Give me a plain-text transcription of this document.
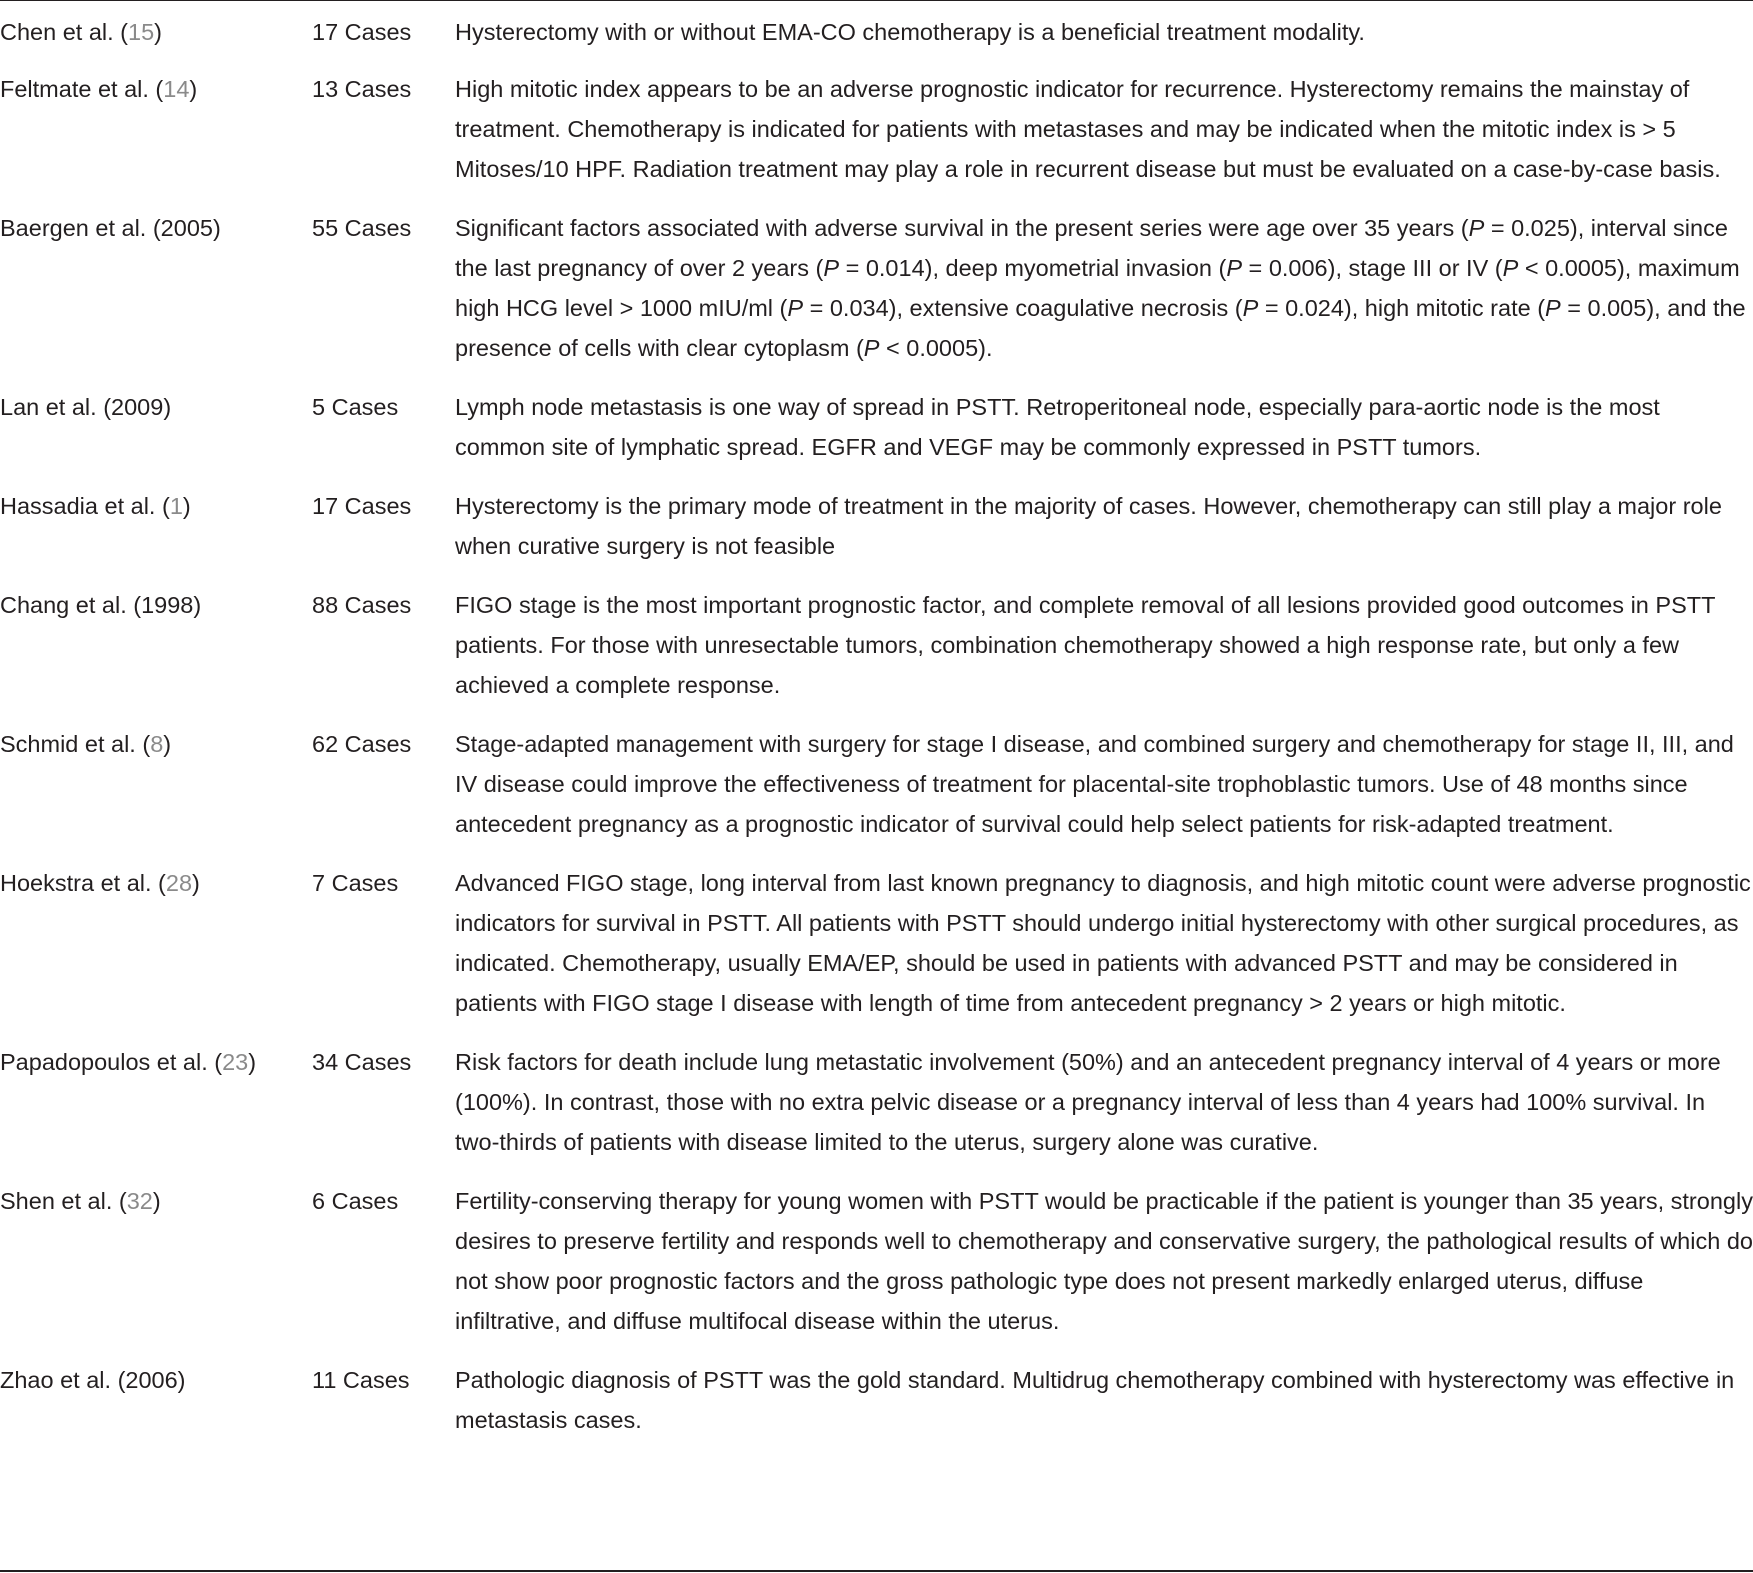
Chen et al. (15)	17 Cases	Hysterectomy with or without EMA-CO chemotherapy is a beneficial treatment modality.
Feltmate et al. (14)	13 Cases	High mitotic index appears to be an adverse prognostic indicator for recurrence. Hysterectomy remains the mainstay of treatment. Chemotherapy is indicated for patients with metastases and may be indicated when the mitotic index is > 5 Mitoses/10 HPF. Radiation treatment may play a role in recurrent disease but must be evaluated on a case-by-case basis.
Baergen et al. (2005)	55 Cases	Significant factors associated with adverse survival in the present series were age over 35 years (P = 0.025), interval since the last pregnancy of over 2 years (P = 0.014), deep myometrial invasion (P = 0.006), stage III or IV (P < 0.0005), maximum high HCG level > 1000 mIU/ml (P = 0.034), extensive coagulative necrosis (P = 0.024), high mitotic rate (P = 0.005), and the presence of cells with clear cytoplasm (P < 0.0005).
Lan et al. (2009)	5 Cases	Lymph node metastasis is one way of spread in PSTT. Retroperitoneal node, especially para-aortic node is the most common site of lymphatic spread. EGFR and VEGF may be commonly expressed in PSTT tumors.
Hassadia et al. (1)	17 Cases	Hysterectomy is the primary mode of treatment in the majority of cases. However, chemotherapy can still play a major role when curative surgery is not feasible
Chang et al. (1998)	88 Cases	FIGO stage is the most important prognostic factor, and complete removal of all lesions provided good outcomes in PSTT patients. For those with unresectable tumors, combination chemotherapy showed a high response rate, but only a few achieved a complete response.
Schmid et al. (8)	62 Cases	Stage-adapted management with surgery for stage I disease, and combined surgery and chemotherapy for stage II, III, and IV disease could improve the effectiveness of treatment for placental-site trophoblastic tumors. Use of 48 months since antecedent pregnancy as a prognostic indicator of survival could help select patients for risk-adapted treatment.
Hoekstra et al. (28)	7 Cases	Advanced FIGO stage, long interval from last known pregnancy to diagnosis, and high mitotic count were adverse prognostic indicators for survival in PSTT. All patients with PSTT should undergo initial hysterectomy with other surgical procedures, as indicated. Chemotherapy, usually EMA/EP, should be used in patients with advanced PSTT and may be considered in patients with FIGO stage I disease with length of time from antecedent pregnancy > 2 years or high mitotic.
Papadopoulos et al. (23)	34 Cases	Risk factors for death include lung metastatic involvement (50%) and an antecedent pregnancy interval of 4 years or more (100%). In contrast, those with no extra pelvic disease or a pregnancy interval of less than 4 years had 100% survival. In two-thirds of patients with disease limited to the uterus, surgery alone was curative.
Shen et al. (32)	6 Cases	Fertility-conserving therapy for young women with PSTT would be practicable if the patient is younger than 35 years, strongly desires to preserve fertility and responds well to chemotherapy and conservative surgery, the pathological results of which do not show poor prognostic factors and the gross pathologic type does not present markedly enlarged uterus, diffuse infiltrative, and diffuse multifocal disease within the uterus.
Zhao et al. (2006)	11 Cases	Pathologic diagnosis of PSTT was the gold standard. Multidrug chemotherapy combined with hysterectomy was effective in metastasis cases.
